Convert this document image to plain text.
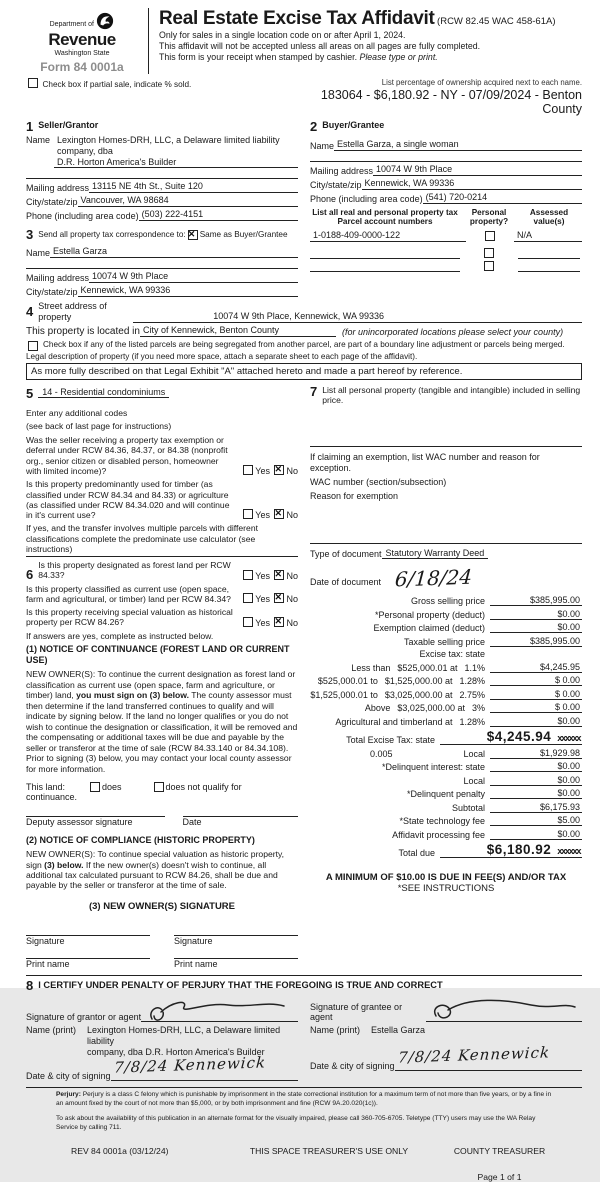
Department of
Revenue
Washington State
Form 84 0001a
Real Estate Excise Tax Affidavit (RCW 82.45 WAC 458-61A)
Only for sales in a single location code on or after April 1, 2024.
This affidavit will not be accepted unless all areas on all pages are fully completed.
This form is your receipt when stamped by cashier. Please type or print.
Check box if partial sale, indicate % sold.	List percentage of ownership acquired next to each name.
183064 - $6,180.92 - NY - 07/09/2024 - Benton County
1 Seller/Grantor
Name Lexington Homes-DRH, LLC, a Delaware limited liability company, dba
D.R. Horton America's Builder
Mailing address 13115 NE 4th St., Suite 120
City/state/zip Vancouver, WA 98684
Phone (including area code) (503) 222-4151
3 Send all property tax correspondence to: ✕ Same as Buyer/Grantee
Name Estella Garza
Mailing address 10074 W 9th Place
City/state/zip Kennewick, WA 99336
2 Buyer/Grantee
Name Estella Garza, a single woman
Mailing address 10074 W 9th Place
City/state/zip Kennewick, WA 99336
Phone (including area code) (541) 720-0214
List all real and personal property tax
Parcel account numbers
Personal
property?
Assessed
value(s)
1-0188-409-0000-122	N/A
4 Street address of
property	10074 W 9th Place, Kennewick, WA 99336
This property is located in City of Kennewick, Benton County	(for unincorporated locations please select your county)
Check box if any of the listed parcels are being segregated from another parcel, are part of a boundary line adjustment or parcels being merged.
Legal description of property (if you need more space, attach a separate sheet to each page of the affidavit).
As more fully described on that Legal Exhibit "A" attached hereto and made a part hereof by reference.
5	14 - Residential condominiums

Enter any additional codes

(see back of last page for instructions)

Was the seller receiving a property tax exemption or deferral under RCW 84.36, 84.37, or 84.38 (nonprofit org., senior citizen or disabled person, homeowner with limited income)?	Yes ✕ No
Is this property predominantly used for timber (as classified under RCW 84.34 and 84.33) or agriculture (as classified under RCW 84.34.020 and will continue in it's current use?	Yes ✕ No

If yes, and the transfer involves multiple parcels with different classifications complete the predominate use calculator (see instructions)

6
Is this property designated as forest land per RCW 84.33?	Yes ✕ No
Is this property classified as current use (open space, farm and agricultural, or timber) land per RCW 84.34?	Yes ✕ No
Is this property receiving special valuation as historical property per RCW 84.26?	Yes ✕ No

If answers are yes, complete as instructed below.

(1) NOTICE OF CONTINUANCE (FOREST LAND OR CURRENT USE)

NEW OWNER(S): To continue the current designation as forest land or classification as current use (open space, farm and agriculture, or timber) land, you must sign on (3) below. The county assessor must then determine if the land transferred continues to qualify and will indicate by signing below. If the land no longer qualifies or you do not wish to continue the designation or classification, it will be removed and the compensating or additional taxes will be due and payable by the seller or transferor at the time of sale (RCW 84.33.140 or 84.34.108). Prior to signing (3) below, you may contact your local county assessor for more information.

This land:	does	does not qualify for
continuance.
Deputy assessor signature	Date

(2) NOTICE OF COMPLIANCE (HISTORIC PROPERTY)

NEW OWNER(S): To continue special valuation as historic property, sign (3) below. If the new owner(s) doesn't wish to continue, all additional tax calculated pursuant to RCW 84.26, shall be due and payable by the seller or transferor at the time of sale.

(3) NEW OWNER(S) SIGNATURE

Signature	Signature
Print name	Print name
7 List all personal property (tangible and intangible) included in selling price.

If claiming an exemption, list WAC number and reason for exception.

WAC number (section/subsection)

Reason for exemption

Type of document Statutory Warranty Deed
Date of document 6/18/24
Gross selling price	$385,995.00
*Personal property (deduct)	$0.00
Exemption claimed (deduct)	$0.00
Taxable selling price	$385,995.00
Excise tax: state
Less than $525,000.01 at 1.1%	$4,245.95
$525,000.01 to $1,525,000.00 at 1.28%	$ 0.00
$1,525,000.01 to $3,025,000.00 at 2.75%	$ 0.00
Above $3,025,000.00 at 3%	$ 0.00
Agricultural and timberland at 1.28%	$0.00
Total Excise Tax: state	$4,245.94 xxxxxx
0.005	Local	$1,929.98
*Delinquent interest: state	$0.00
Local	$0.00
*Delinquent penalty	$0.00
Subtotal	$6,175.93
*State technology fee	$5.00
Affidavit processing fee	$0.00
Total due	$6,180.92 xxxxxx
A MINIMUM OF $10.00 IS DUE IN FEE(S) AND/OR TAX
*SEE INSTRUCTIONS
8 I CERTIFY UNDER PENALTY OF PERJURY THAT THE FOREGOING IS TRUE AND CORRECT
Signature of grantor or agent
Name (print)	Lexington Homes-DRH, LLC, a Delaware limited liability
company, dba D.R. Horton America's Builder
Date & city of signing 7/8/24 Kennewick
Signature of grantee or agent
Name (print)	Estella Garza
Date & city of signing 7/8/24 Kennewick
Perjury: Perjury is a class C felony which is punishable by imprisonment in the state correctional institution for a maximum term of not more than five years, or by a fine in an amount fixed by the court of not more than $5,000, or by both imprisonment and fine (RCW 9A.20.020(1c)).
To ask about the availability of this publication in an alternate format for the visually impaired, please call 360-705-6705. Teletype (TTY) users may use the WA Relay Service by calling 711.
REV 84 0001a (03/12/24)	THIS SPACE TREASURER'S USE ONLY	COUNTY TREASURER
Page 1 of 1
